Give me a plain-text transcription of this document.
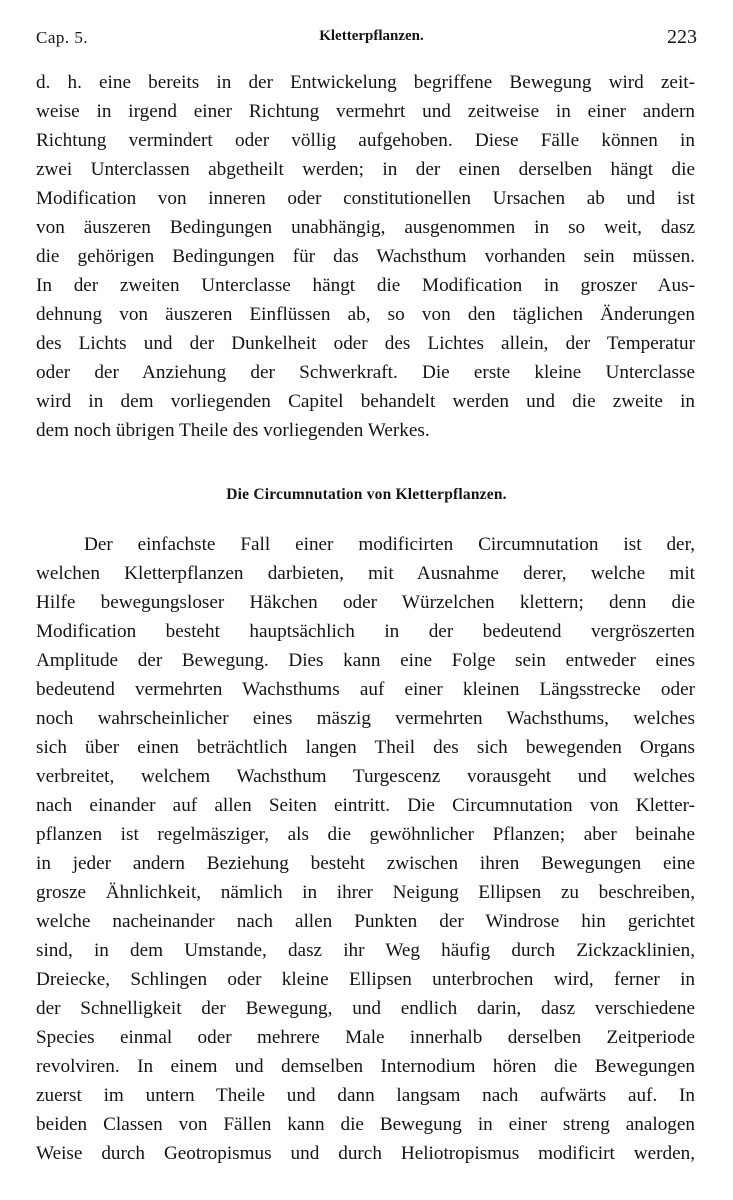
Cap. 5.	Kletterpflanzen.	223
d. h. eine bereits in der Entwickelung begriffene Bewegung wird zeit-
weise in irgend einer Richtung vermehrt und zeitweise in einer andern
Richtung vermindert oder völlig aufgehoben. Diese Fälle können in
zwei Unterclassen abgetheilt werden; in der einen derselben hängt die
Modification von inneren oder constitutionellen Ursachen ab und ist
von äuszeren Bedingungen unabhängig, ausgenommen in so weit, dasz
die gehörigen Bedingungen für das Wachsthum vorhanden sein müssen.
In der zweiten Unterclasse hängt die Modification in groszer Aus-
dehnung von äuszeren Einflüssen ab, so von den täglichen Änderungen
des Lichts und der Dunkelheit oder des Lichtes allein, der Temperatur
oder der Anziehung der Schwerkraft. Die erste kleine Unterclasse
wird in dem vorliegenden Capitel behandelt werden und die zweite in
dem noch übrigen Theile des vorliegenden Werkes.
Die Circumnutation von Kletterpflanzen.
Der einfachste Fall einer modificirten Circumnutation ist der,
welchen Kletterpflanzen darbieten, mit Ausnahme derer, welche mit
Hilfe bewegungsloser Häkchen oder Würzelchen klettern; denn die
Modification besteht hauptsächlich in der bedeutend vergröszerten
Amplitude der Bewegung. Dies kann eine Folge sein entweder eines
bedeutend vermehrten Wachsthums auf einer kleinen Längsstrecke oder
noch wahrscheinlicher eines mäszig vermehrten Wachsthums, welches
sich über einen beträchtlich langen Theil des sich bewegenden Organs
verbreitet, welchem Wachsthum Turgescenz vorausgeht und welches
nach einander auf allen Seiten eintritt. Die Circumnutation von Kletter-
pflanzen ist regelmäsziger, als die gewöhnlicher Pflanzen; aber beinahe
in jeder andern Beziehung besteht zwischen ihren Bewegungen eine
grosze Ähnlichkeit, nämlich in ihrer Neigung Ellipsen zu beschreiben,
welche nacheinander nach allen Punkten der Windrose hin gerichtet
sind, in dem Umstande, dasz ihr Weg häufig durch Zickzacklinien,
Dreiecke, Schlingen oder kleine Ellipsen unterbrochen wird, ferner in
der Schnelligkeit der Bewegung, und endlich darin, dasz verschiedene
Species einmal oder mehrere Male innerhalb derselben Zeitperiode
revolviren. In einem und demselben Internodium hören die Bewegungen
zuerst im untern Theile und dann langsam nach aufwärts auf. In
beiden Classen von Fällen kann die Bewegung in einer streng analogen
Weise durch Geotropismus und durch Heliotropismus modificirt werden,
